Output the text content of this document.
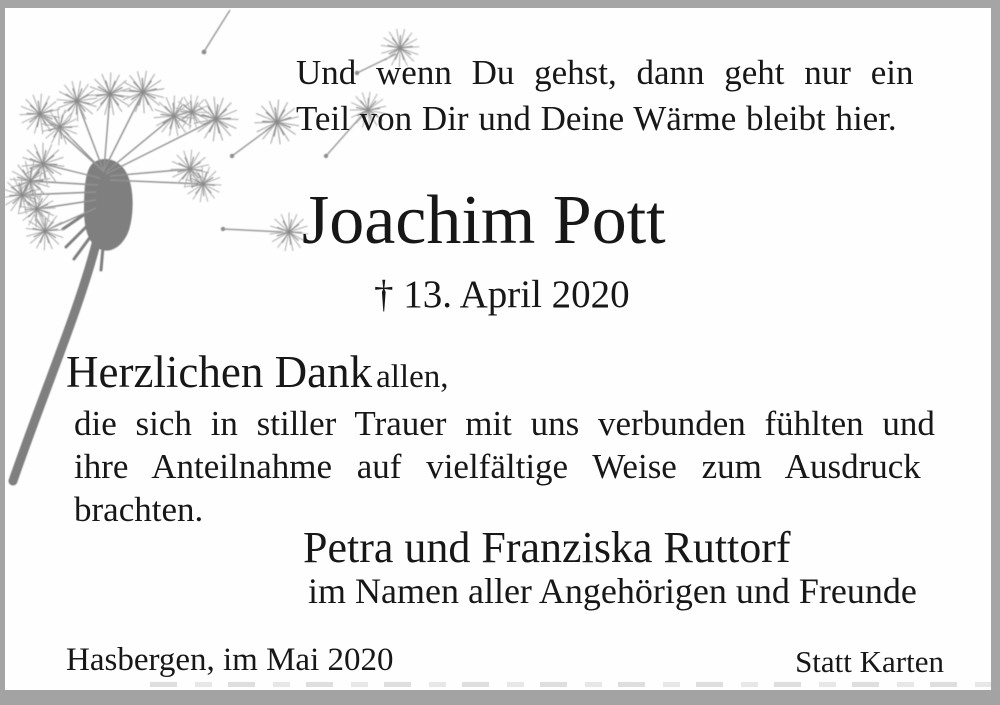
Und wenn Du gehst, dann geht nur ein
Teil von Dir und Deine Wärme bleibt hier.
Joachim Pott
† 13. April 2020
Herzlichen Dank allen,
die sich in stiller Trauer mit uns verbunden fühlten und
ihre Anteilnahme auf vielfältige Weise zum Ausdruck
brachten.
Petra und Franziska Ruttorf
im Namen aller Angehörigen und Freunde
Hasbergen, im Mai 2020	Statt Karten
